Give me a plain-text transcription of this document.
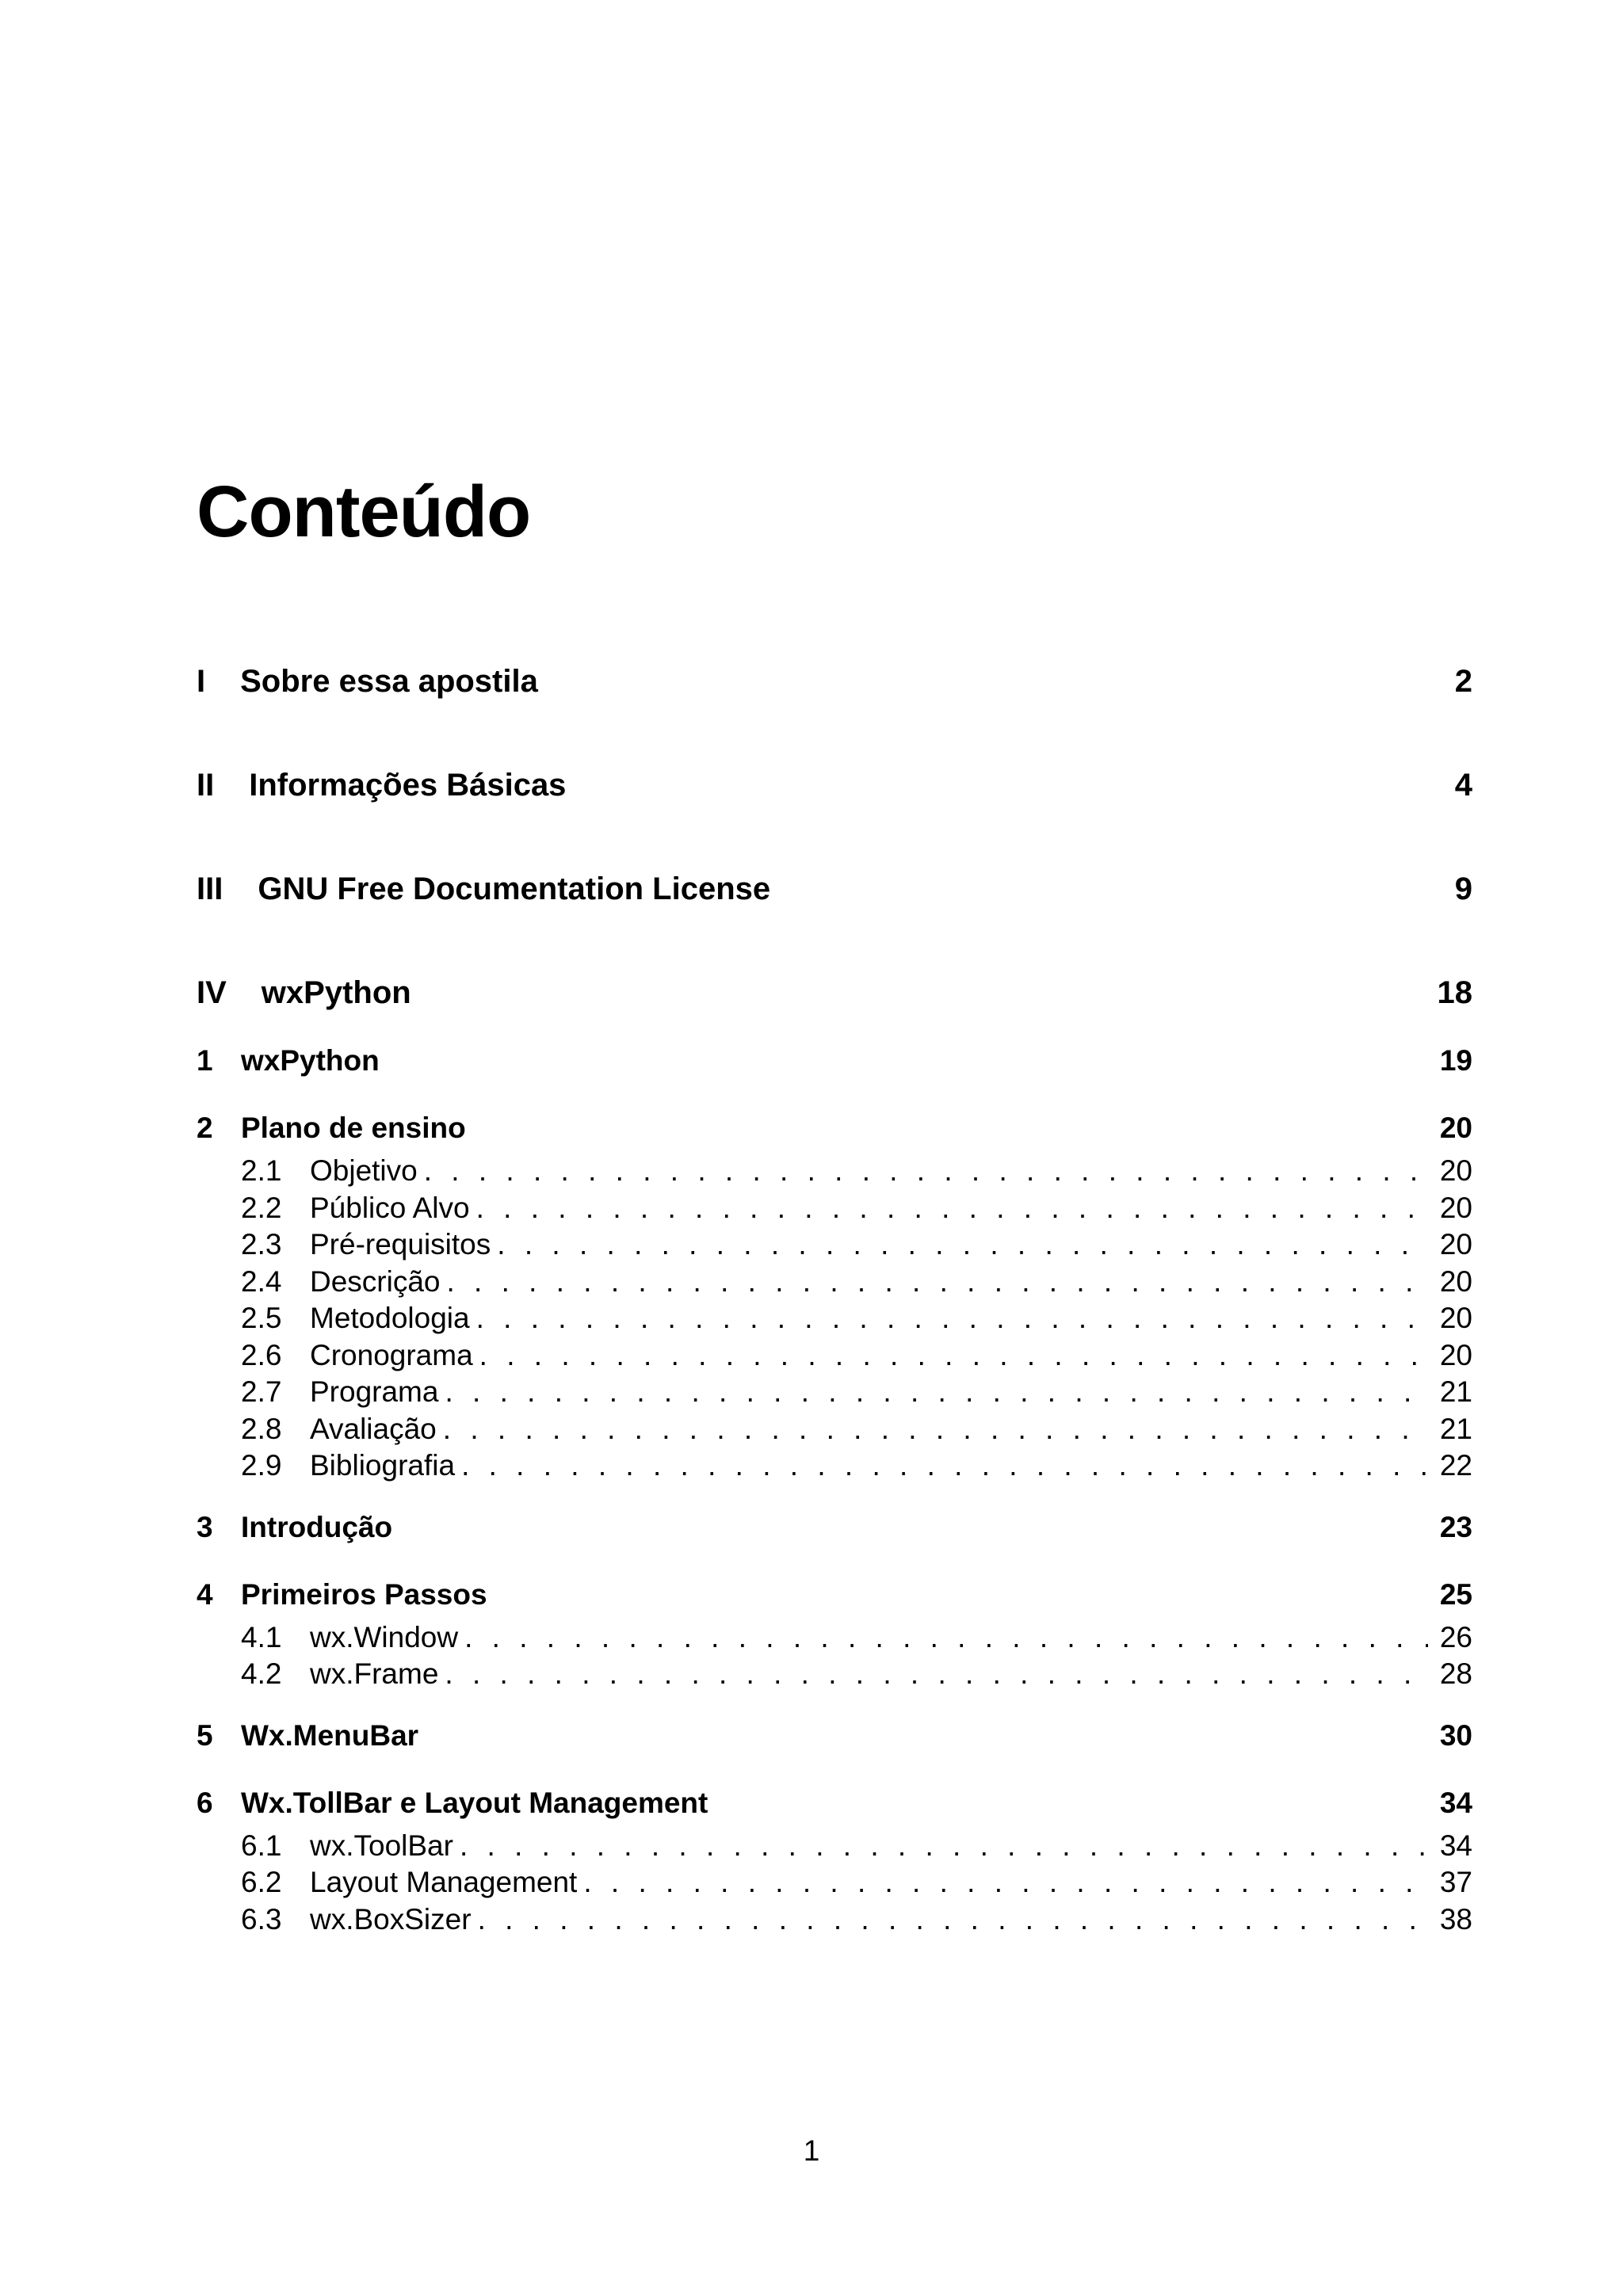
Conteúdo
I Sobre essa apostila	2
II Informações Básicas	4
III GNU Free Documentation License	9
IV wxPython	18
1 wxPython	19
2 Plano de ensino	20
2.1 Objetivo . . .	20
2.2 Público Alvo . . .	20
2.3 Pré-requisitos . . .	20
2.4 Descrição . . .	20
2.5 Metodologia . . .	20
2.6 Cronograma . . .	20
2.7 Programa . . .	21
2.8 Avaliação . . .	21
2.9 Bibliografia . . .	22
3 Introdução	23
4 Primeiros Passos	25
4.1 wx.Window . . .	26
4.2 wx.Frame . . .	28
5 Wx.MenuBar	30
6 Wx.TollBar e Layout Management	34
6.1 wx.ToolBar . . .	34
6.2 Layout Management . . .	37
6.3 wx.BoxSizer . . .	38
1
